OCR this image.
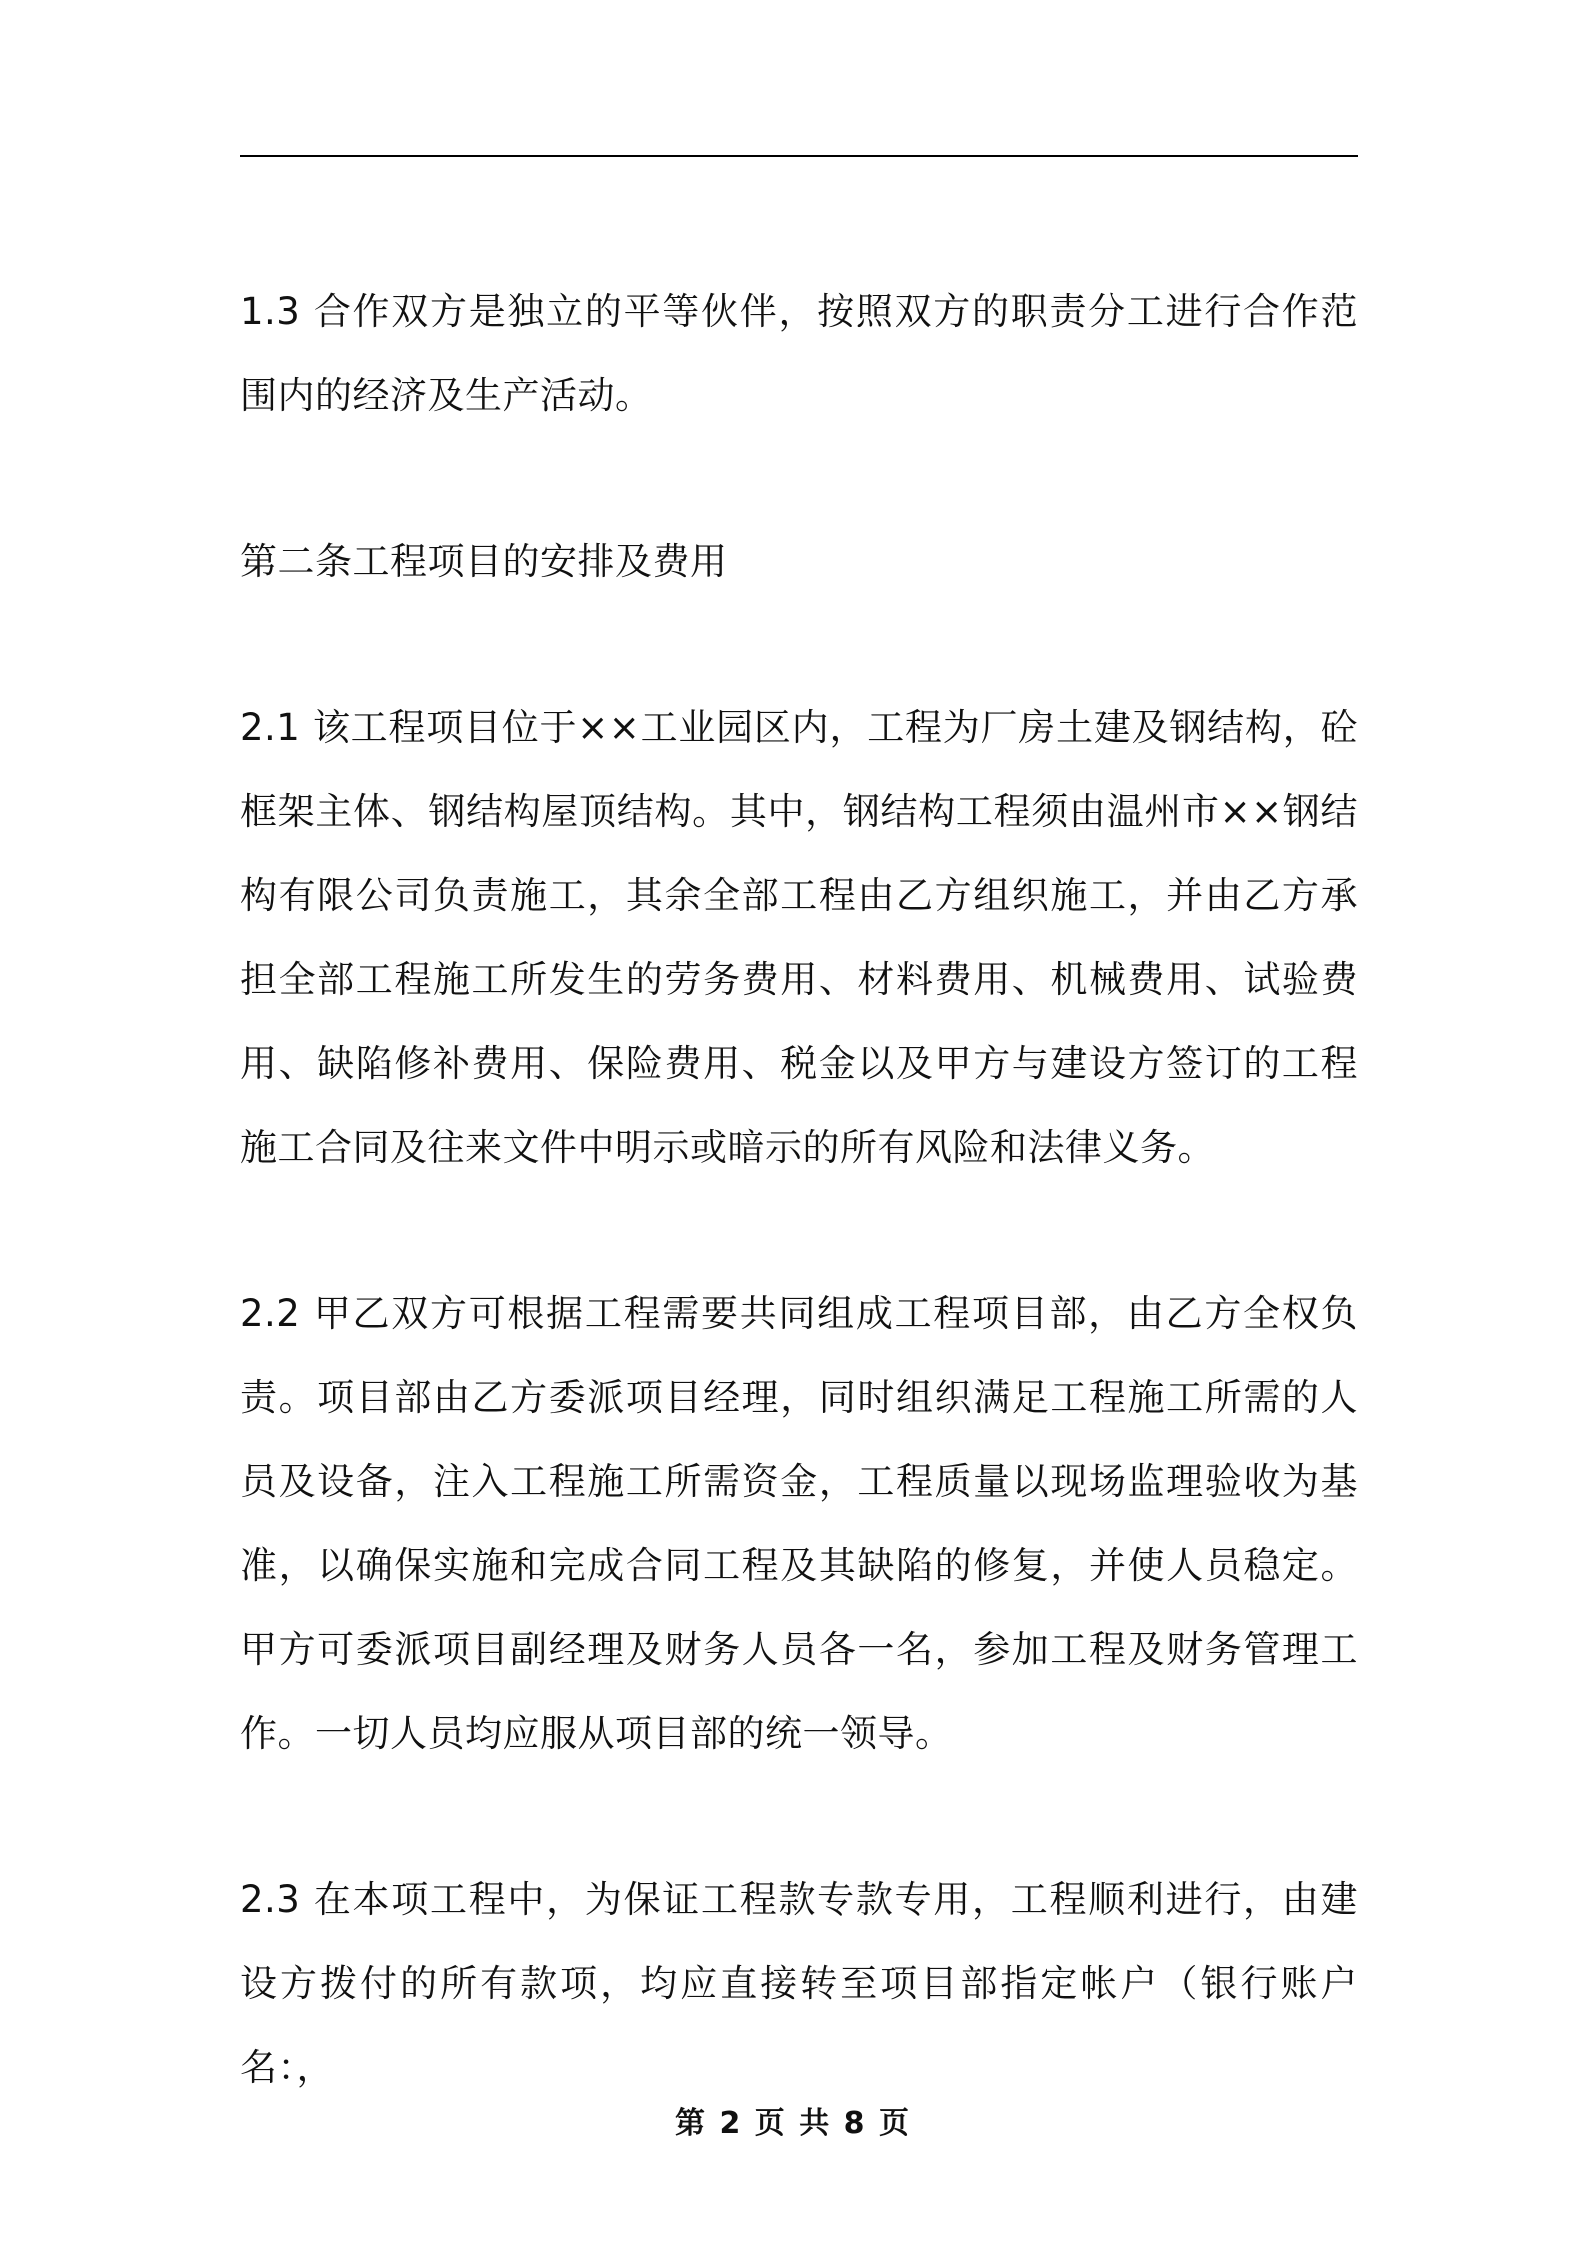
1.3 合作双方是独立的平等伙伴，按照双方的职责分工进行合作范围内的经济及生产活动。

第二条工程项目的安排及费用

2.1 该工程项目位于××工业园区内，工程为厂房土建及钢结构，砼框架主体、钢结构屋顶结构。其中，钢结构工程须由温州市××钢结构有限公司负责施工，其余全部工程由乙方组织施工，并由乙方承担全部工程施工所发生的劳务费用、材料费用、机械费用、试验费用、缺陷修补费用、保险费用、税金以及甲方与建设方签订的工程施工合同及往来文件中明示或暗示的所有风险和法律义务。

2.2 甲乙双方可根据工程需要共同组成工程项目部，由乙方全权负责。项目部由乙方委派项目经理，同时组织满足工程施工所需的人员及设备，注入工程施工所需资金，工程质量以现场监理验收为基准，以确保实施和完成合同工程及其缺陷的修复，并使人员稳定。甲方可委派项目副经理及财务人员各一名，参加工程及财务管理工作。一切人员均应服从项目部的统一领导。

2.3 在本项工程中，为保证工程款专款专用，工程顺利进行，由建设方拨付的所有款项，均应直接转至项目部指定帐户（银行账户名：，

第 2 页 共 8 页
